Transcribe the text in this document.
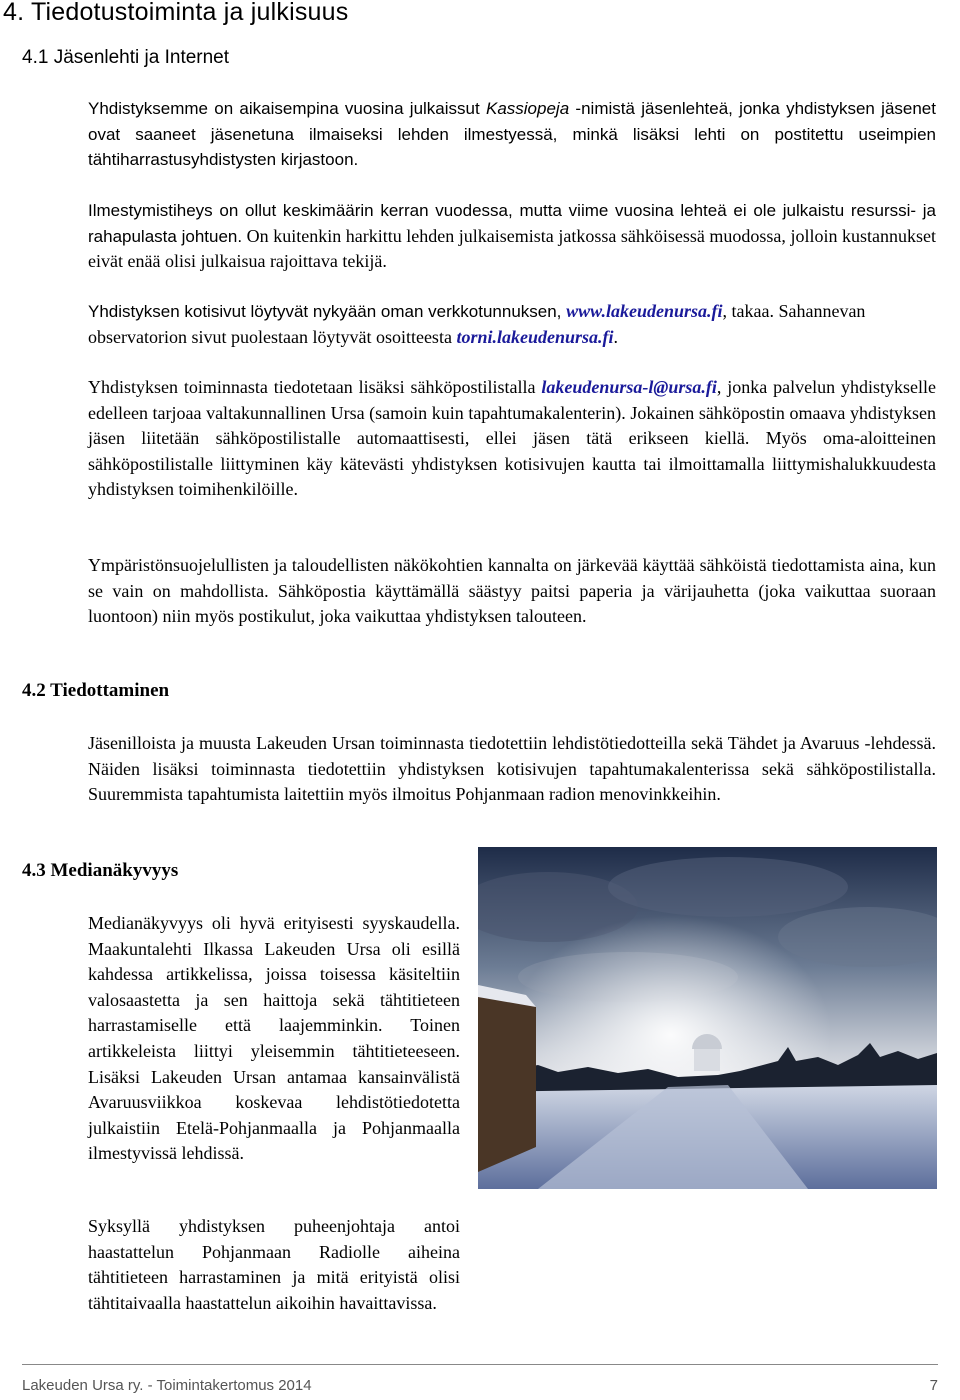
4. Tiedotustoiminta ja julkisuus
4.1 Jäsenlehti ja Internet

Yhdistyksemme on aikaisempina vuosina julkaissut Kassiopeja -nimistä jäsenlehteä, jonka yhdistyksen jäsenet ovat saaneet jäsenetuna ilmaiseksi lehden ilmestyessä, minkä lisäksi lehti on postitettu useimpien tähtiharrastusyhdistysten kirjastoon.

Ilmestymistiheys on ollut keskimäärin kerran vuodessa, mutta viime vuosina lehteä ei ole julkaistu resurssi- ja rahapulasta johtuen. On kuitenkin harkittu lehden julkaisemista jatkossa sähköisessä muodossa, jolloin kustannukset eivät enää olisi julkaisua rajoittava tekijä.

Yhdistyksen kotisivut löytyvät nykyään oman verkkotunnuksen, www.lakeudenursa.fi, takaa. Sahannevan observatorion sivut puolestaan löytyvät osoitteesta torni.lakeudenursa.fi.

Yhdistyksen toiminnasta tiedotetaan lisäksi sähköpostilistalla lakeudenursa-l@ursa.fi, jonka palvelun yhdistykselle edelleen tarjoaa valtakunnallinen Ursa (samoin kuin tapahtumakalenterin). Jokainen sähköpostin omaava yhdistyksen jäsen liitetään sähköpostilistalle automaattisesti, ellei jäsen tätä erikseen kiellä. Myös oma-aloitteinen sähköpostilistalle liittyminen käy kätevästi yhdistyksen kotisivujen kautta tai ilmoittamalla liittymishalukkuudesta yhdistyksen toimihenkilöille.

Ympäristönsuojelullisten ja taloudellisten näkökohtien kannalta on järkevää käyttää sähköistä tiedottamista aina, kun se vain on mahdollista. Sähköpostia käyttämällä säästyy paitsi paperia ja värijauhetta (joka vaikuttaa suoraan luontoon) niin myös postikulut, joka vaikuttaa yhdistyksen talouteen.

4.2 Tiedottaminen

Jäsenilloista ja muusta Lakeuden Ursan toiminnasta tiedotettiin lehdistötiedotteilla sekä Tähdet ja Avaruus -lehdessä. Näiden lisäksi toiminnasta tiedotettiin yhdistyksen kotisivujen tapahtumakalenterissa sekä sähköpostilistalla. Suuremmista tapahtumista laitettiin myös ilmoitus Pohjanmaan radion menovinkkeihin.

4.3 Medianäkyvyys

Medianäkyvyys oli hyvä erityisesti syyskaudella. Maakuntalehti Ilkassa Lakeuden Ursa oli esillä kahdessa artikkelissa, joissa toisessa käsiteltiin valosaastetta ja sen haittoja sekä tähtitieteen harrastamiselle että laajemminkin. Toinen artikkeleista liittyi yleisemmin tähtitieteeseen. Lisäksi Lakeuden Ursan antamaa kansainvälistä Avaruusviikkoa koskevaa lehdistötiedotetta julkaistiin Etelä-Pohjanmaalla ja Pohjanmaalla ilmestyvissä lehdissä.

Syksyllä yhdistyksen puheenjohtaja antoi haastattelun Pohjanmaan Radiolle aiheina tähtitieteen harrastaminen ja mitä erityistä olisi tähtitaivaalla haastattelun aikoihin havaittavissa.

Lakeuden Ursa ry. - Toimintakertomus 2014	7
